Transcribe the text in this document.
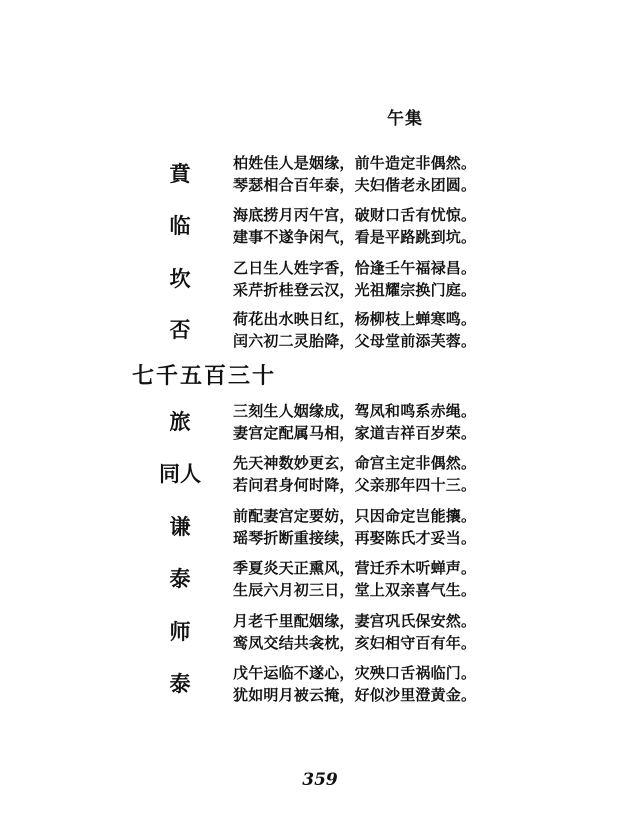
午集
賁	柏姓佳人是姻缘，前牛造定非偶然。
琴瑟相合百年泰，夫妇偕老永团圆。
临	海底捞月丙午宫，破财口舌有忧惊。
建事不遂争闲气，看是平路跳到坑。
坎	乙日生人姓字香，恰逢壬午福禄昌。
采芹折桂登云汉，光祖耀宗换门庭。
否	荷花出水映日红，杨柳枝上蝉寒鸣。
闰六初二灵胎降，父母堂前添芙蓉。
七千五百三十
旅	三刻生人姻缘成，驾凤和鸣系赤绳。
妻宫定配属马相，家道吉祥百岁荣。
同人	先天神数妙更玄，命宫主定非偶然。
若问君身何时降，父亲那年四十三。
谦	前配妻宫定要妨，只因命定岂能攘。
瑶琴折断重接续，再娶陈氏才妥当。
泰	季夏炎天正熏风，营迁乔木听蝉声。
生辰六月初三日，堂上双亲喜气生。
师	月老千里配姻缘，妻宫巩氏保安然。
鸾凤交结共衾枕，亥妇相守百有年。
泰	戊午运临不遂心，灾殃口舌祸临门。
犹如明月被云掩，好似沙里澄黄金。
359
